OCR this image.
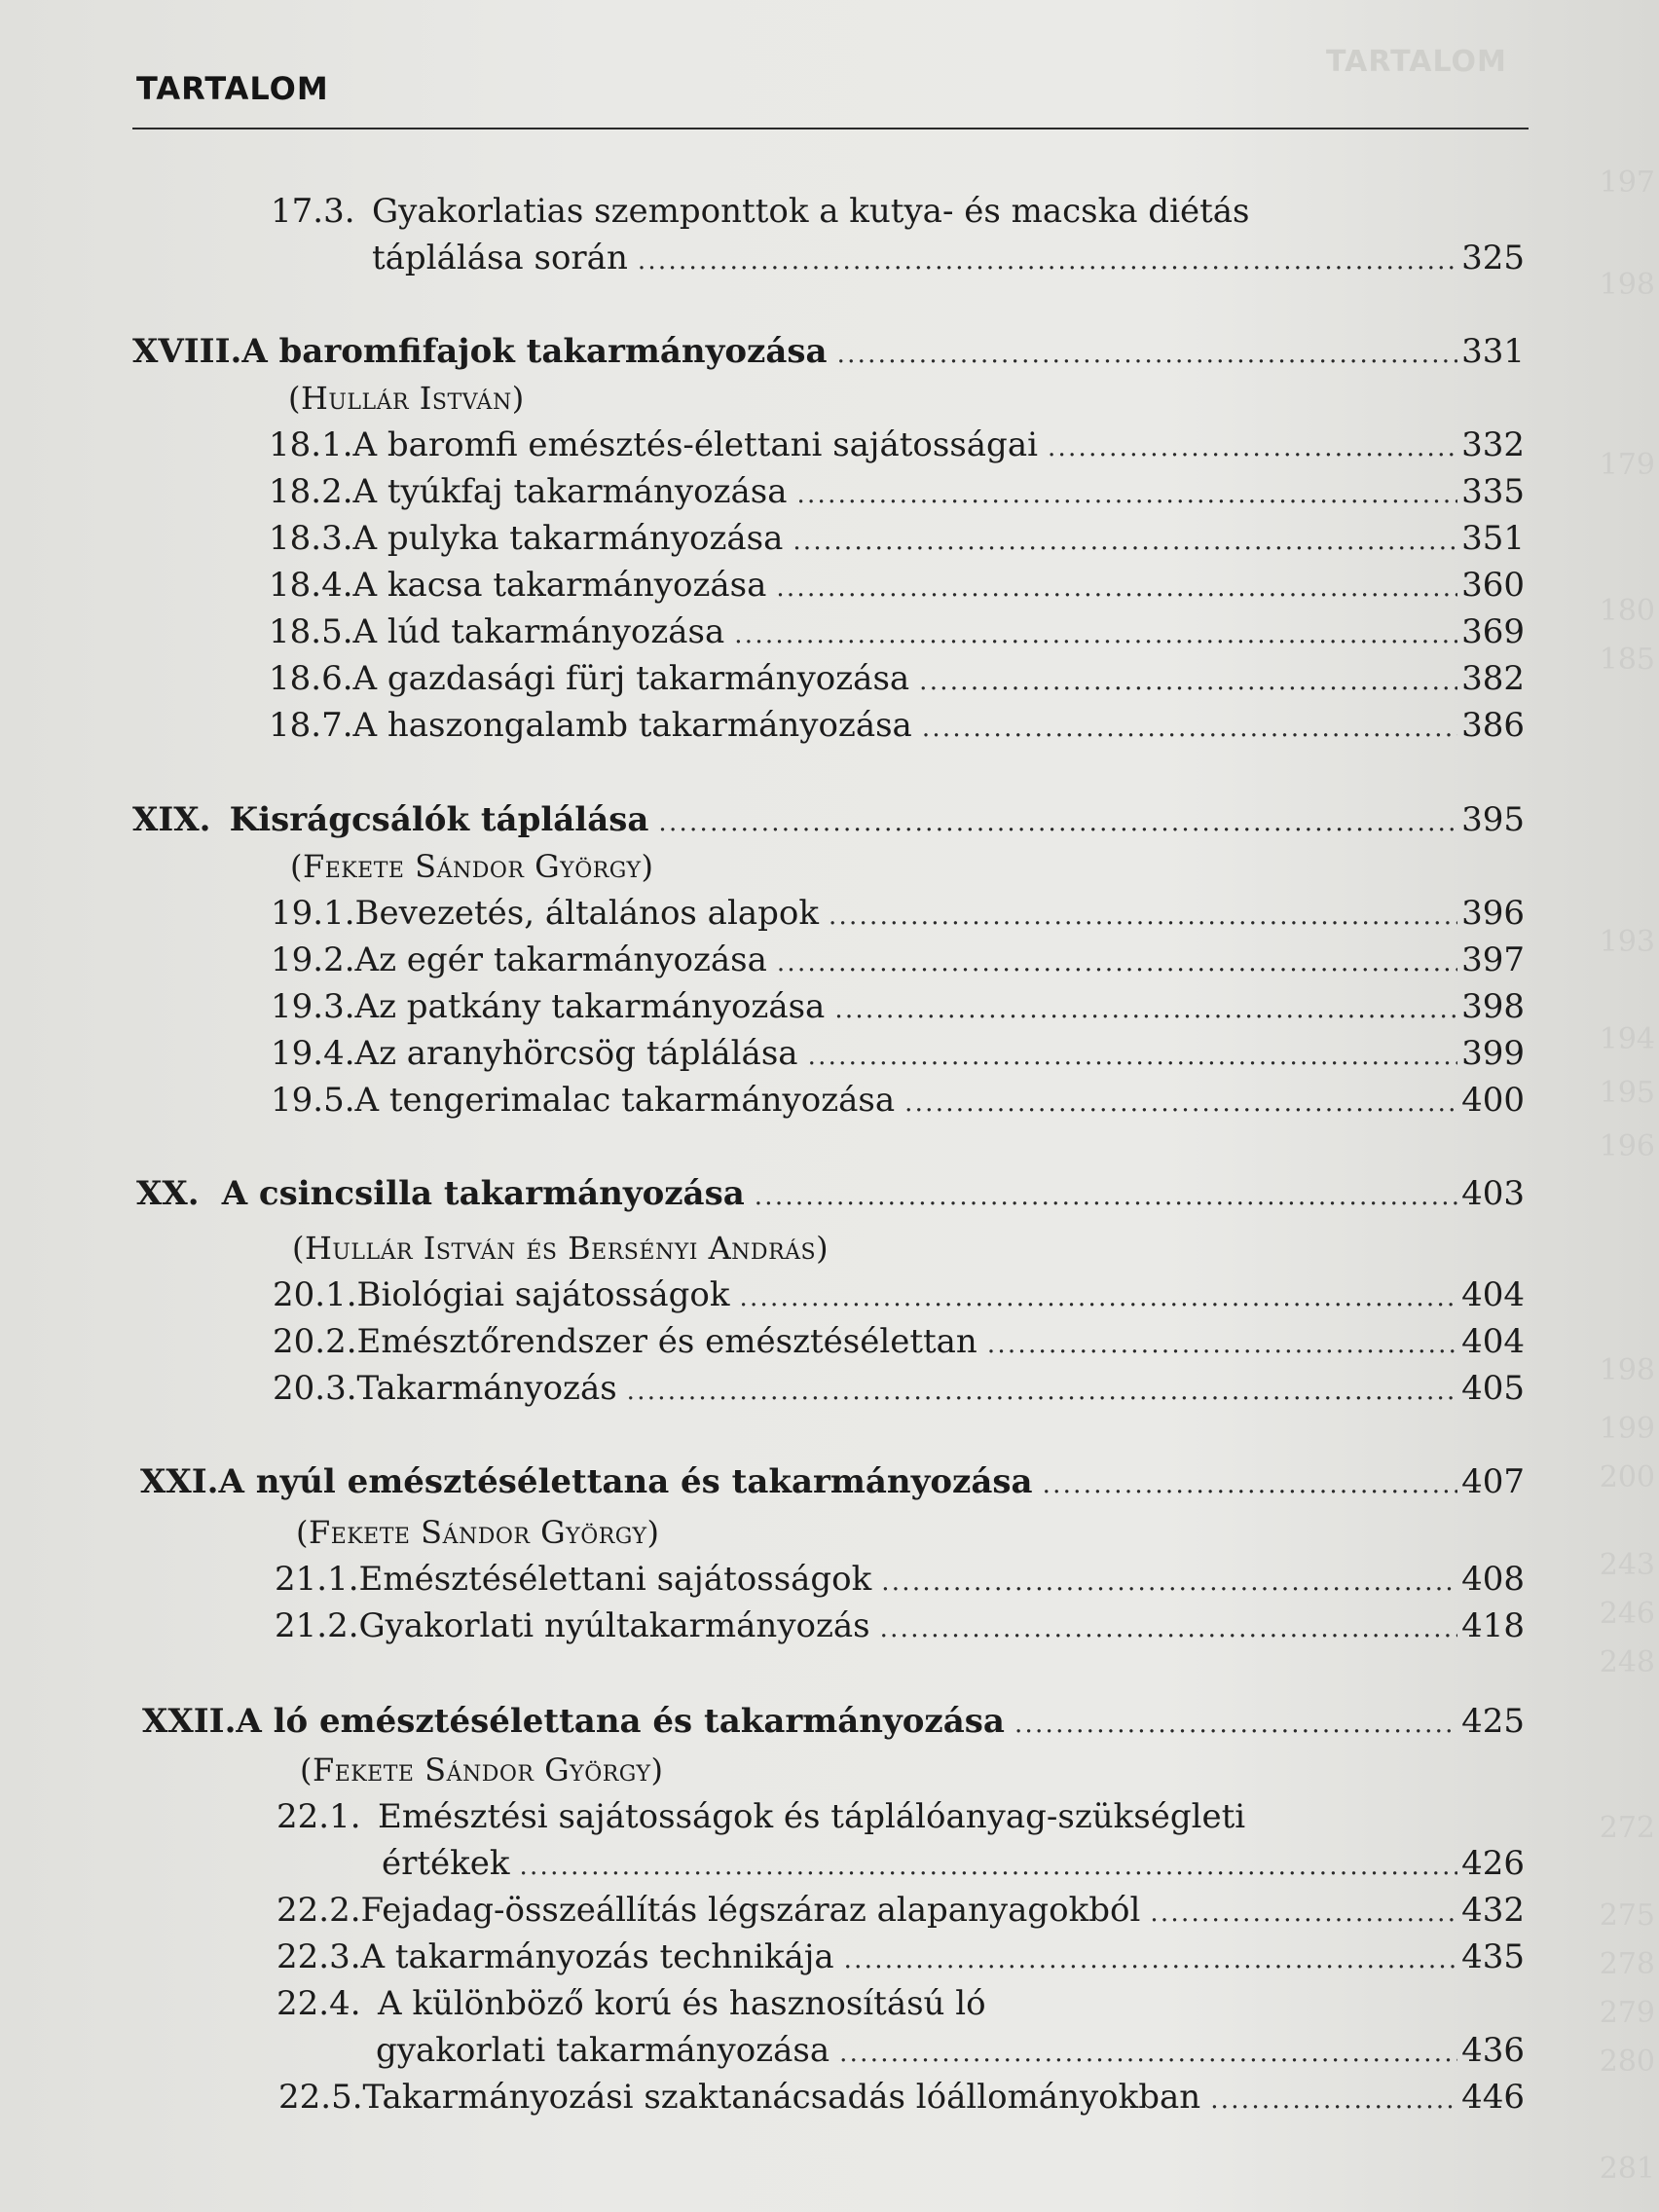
197
198
179
180
185
193
194
195
196
198
199
200
243
246
248
272
275
278
279
280
281
TARTALOM
TARTALOM
17.3. Gyakorlatias szemponttok a kutya- és macska diétás
táplálása során . . .	325
XVIII. A baromfifajok takarmányozása . . .	331
(Hullár István)
18.1. A baromfi emésztés-élettani sajátosságai . . .	332
18.2. A tyúkfaj takarmányozása . . .	335
18.3. A pulyka takarmányozása . . .	351
18.4. A kacsa takarmányozása . . .	360
18.5. A lúd takarmányozása . . .	369
18.6. A gazdasági fürj takarmányozása . . .	382
18.7. A haszongalamb takarmányozása . . .	386
XIX. Kisrágcsálók táplálása . . .	395
(Fekete Sándor György)
19.1. Bevezetés, általános alapok . . .	396
19.2. Az egér takarmányozása . . .	397
19.3. Az patkány takarmányozása . . .	398
19.4. Az aranyhörcsög táplálása . . .	399
19.5. A tengerimalac takarmányozása . . .	400
XX. A csincsilla takarmányozása . . .	403
(Hullár István és Bersényi András)
20.1. Biológiai sajátosságok . . .	404
20.2. Emésztőrendszer és emésztésélettan . . .	404
20.3. Takarmányozás . . .	405
XXI. A nyúl emésztésélettana és takarmányozása . . .	407
(Fekete Sándor György)
21.1. Emésztésélettani sajátosságok . . .	408
21.2. Gyakorlati nyúltakarmányozás . . .	418
XXII. A ló emésztésélettana és takarmányozása . . .	425
(Fekete Sándor György)
22.1. Emésztési sajátosságok és táplálóanyag-szükségleti
értékek . . .	426
22.2. Fejadag-összeállítás légszáraz alapanyagokból . . .	432
22.3. A takarmányozás technikája . . .	435
22.4. A különböző korú és hasznosítású ló
gyakorlati takarmányozása . . .	436
22.5. Takarmányozási szaktanácsadás lóállományokban . . .	446
